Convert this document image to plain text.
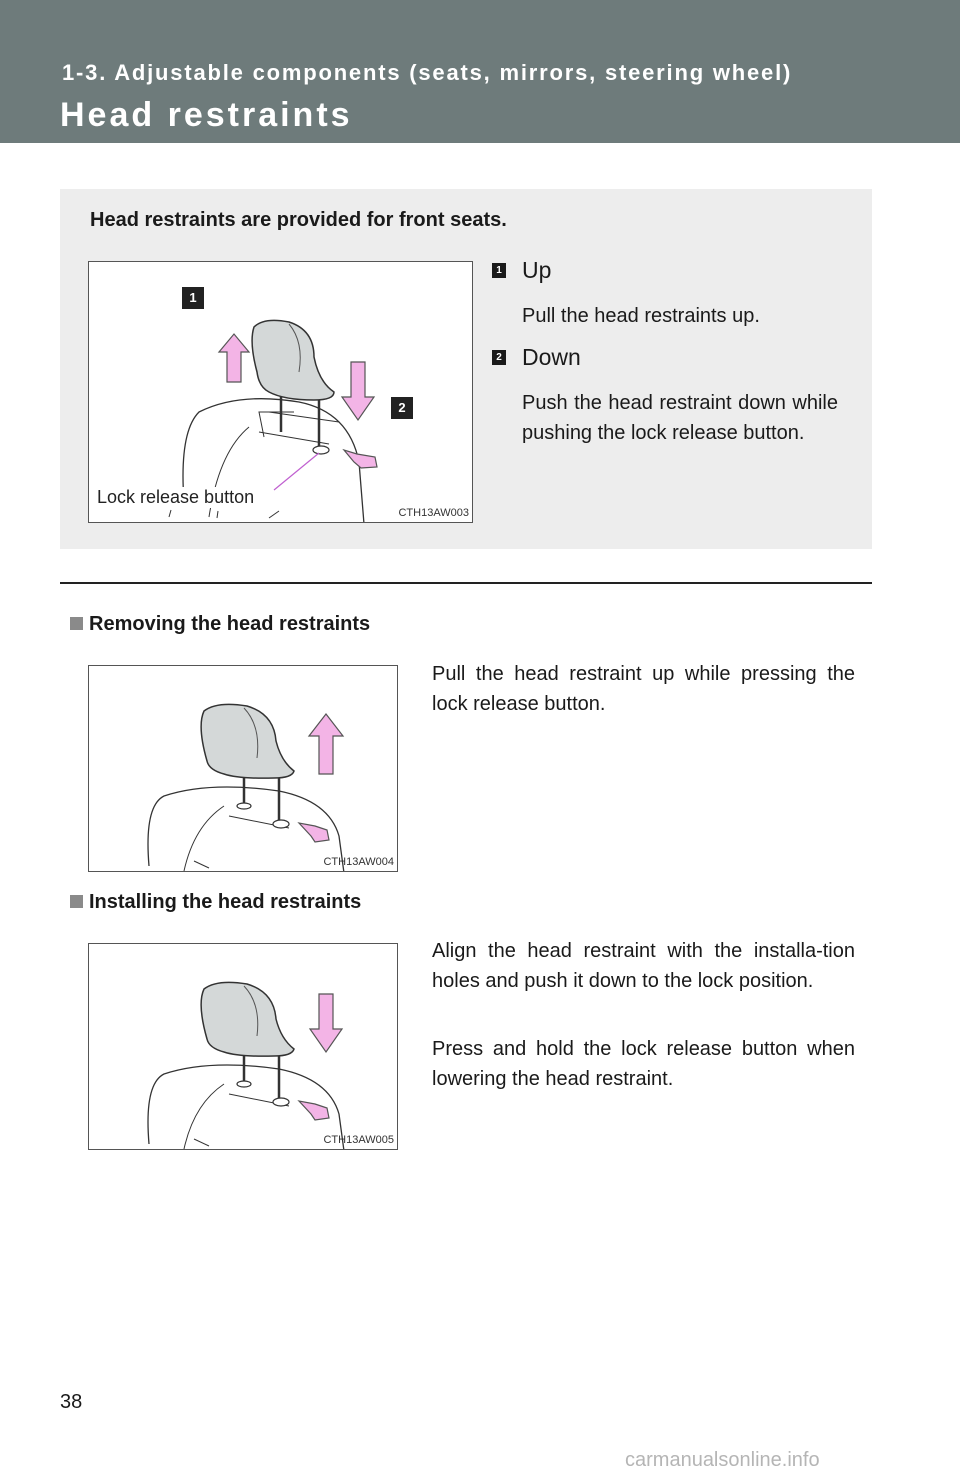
1-3. Adjustable components (seats, mirrors, steering wheel)
Head restraints
Head restraints are provided for front seats.
1
2
Lock release button
CTH13AW003
1 Up
Pull the head restraints up.
2 Down
Push the head restraint down while pushing the lock release button.
Removing the head restraints
CTH13AW004

Pull the head restraint up while pressing the lock release button.

Installing the head restraints
CTH13AW005

Align the head restraint with the installa-tion holes and push it down to the lock position.

Press and hold the lock release button when lowering the head restraint.

38
carmanualsonline.info
